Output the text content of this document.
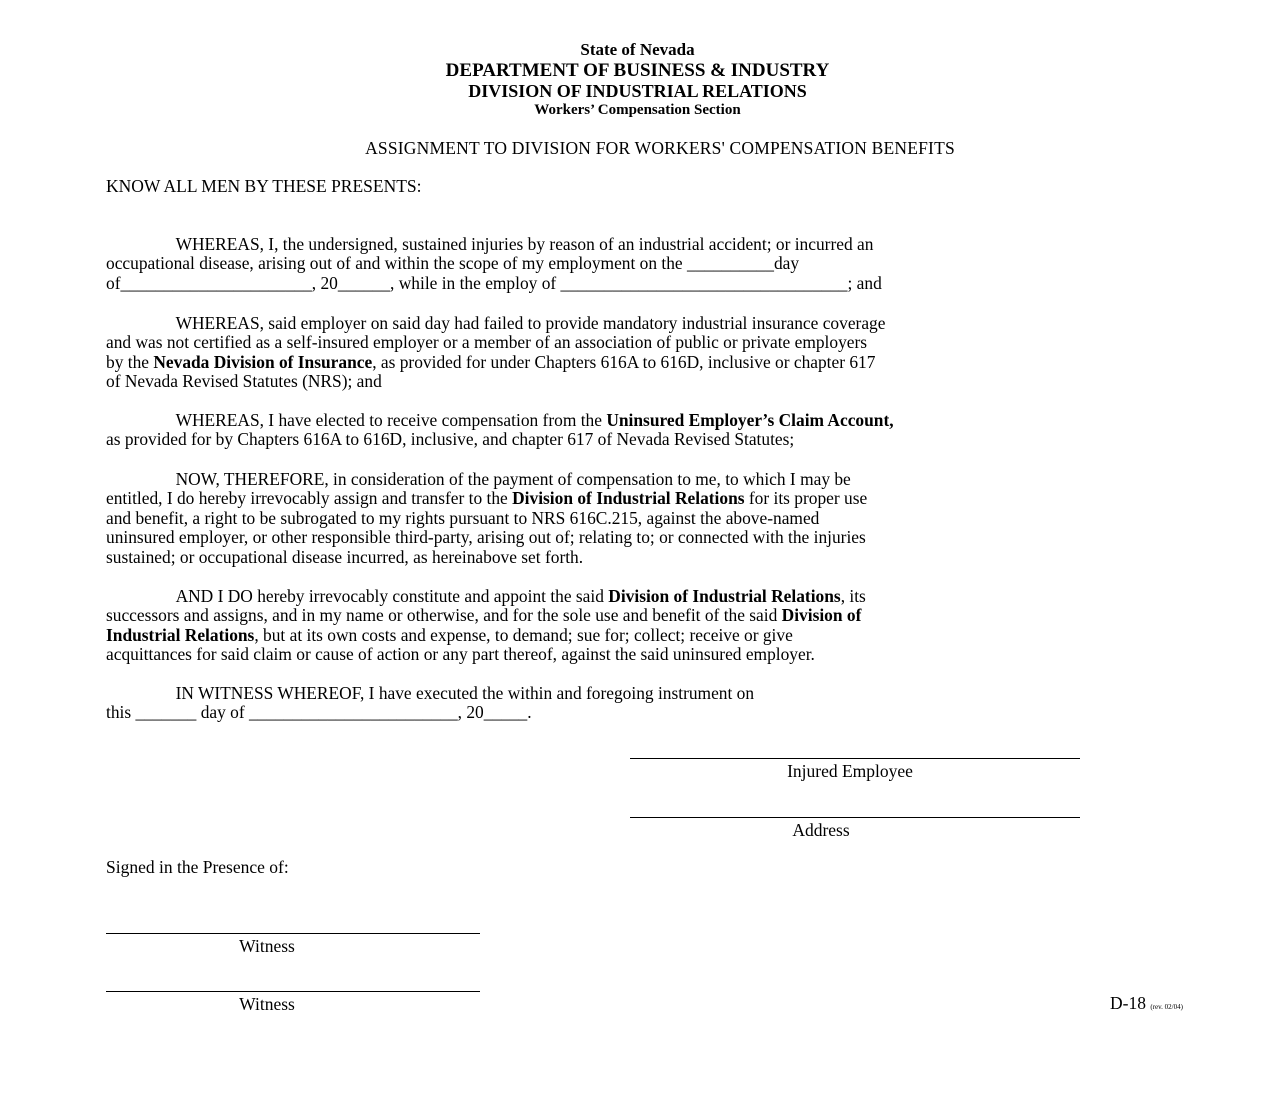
State of Nevada
DEPARTMENT OF BUSINESS & INDUSTRY
DIVISION OF INDUSTRIAL RELATIONS
Workers’ Compensation Section
ASSIGNMENT TO DIVISION FOR WORKERS' COMPENSATION BENEFITS
KNOW ALL MEN BY THESE PRESENTS:

WHEREAS, I, the undersigned, sustained injuries by reason of an industrial accident; or incurred an
occupational disease, arising out of and within the scope of my employment on the __________day
of______________________, 20______, while in the employ of _________________________________; and

WHEREAS, said employer on said day had failed to provide mandatory industrial insurance coverage
and was not certified as a self-insured employer or a member of an association of public or private employers
by the Nevada Division of Insurance, as provided for under Chapters 616A to 616D, inclusive or chapter 617
of Nevada Revised Statutes (NRS); and

WHEREAS, I have elected to receive compensation from the Uninsured Employer’s Claim Account,
as provided for by Chapters 616A to 616D, inclusive, and chapter 617 of Nevada Revised Statutes;

NOW, THEREFORE, in consideration of the payment of compensation to me, to which I may be
entitled, I do hereby irrevocably assign and transfer to the Division of Industrial Relations for its proper use
and benefit, a right to be subrogated to my rights pursuant to NRS 616C.215, against the above-named
uninsured employer, or other responsible third-party, arising out of; relating to; or connected with the injuries
sustained; or occupational disease incurred, as hereinabove set forth.

AND I DO hereby irrevocably constitute and appoint the said Division of Industrial Relations, its
successors and assigns, and in my name or otherwise, and for the sole use and benefit of the said Division of
Industrial Relations, but at its own costs and expense, to demand; sue for; collect; receive or give
acquittances for said claim or cause of action or any part thereof, against the said uninsured employer.

IN WITNESS WHEREOF, I have executed the within and foregoing instrument on
this _______ day of ________________________, 20_____.

Injured Employee
Address
Signed in the Presence of:
Witness
Witness	D-18 (rev. 02/04)
